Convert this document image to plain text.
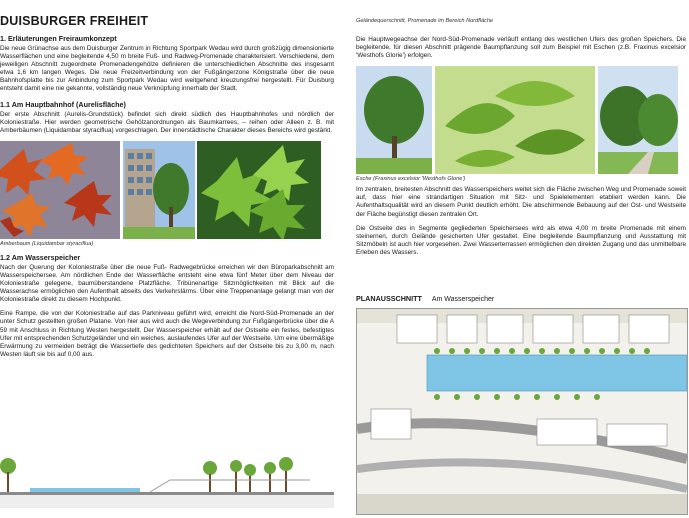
DUISBURGER FREIHEIT
1. Erläuterungen Freiraumkonzept
Die neue Grünachse aus dem Duisburger Zentrum in Richtung Sportpark Wedau wird durch großzügig dimensionierte Wasserflächen und eine begleitende 4,50 m breite Fuß- und Radweg-Promenade charakterisiert. Verschiedene, dem jeweiligen Abschnitt zugeordnete Promenadengehölze definieren die unterschiedlichen Abschnitte des insgesamt etwa 1,6 km langen Weges. Die neue Freizeitverbindung von der Fußgängerzone Königstraße über die neue Bahnhofsplatte bis zur Anbindung zum Sportpark Wedau wird weitgehend kreuzungsfrei hergestellt. Für Duisburg entsteht damit eine nie gekannte, vollständig neue Verknüpfung innerhalb der Stadt.
1.1 Am Hauptbahnhof (Aurelisfläche)
Der erste Abschnitt (Aurelis-Grundstück) befindet sich direkt südlich des Hauptbahnhofes und nördlich der Koloniestraße. Hier werden geometrische Gehölzanordnungen als Baumkarrees, – reihen oder Alleen z. B. mit Amberbäumen (Liquidambar styraciflua) vorgeschlagen. Der innerstädtische Charakter dieses Bereichs wird gestärkt.
Amberbaum (Liquidambar styraciflua)
1.2 Am Wasserspeicher
Nach der Querung der Koloniestraße über die neue Fuß- Radwegebrücke erreichen wir den Büroparkabschnitt am Wasserspeichersee. Am nördlichen Ende der Wasserfläche entsteht eine etwa fünf Meter über dem Niveau der Koloniestraße gelegene, baumüberstandene Platzfläche. Tribünenartige Sitzmöglichkeiten mit Blick auf die Wasserachse ermöglichen den Aufenthalt abseits des Verkehrslärms. Über eine Treppenanlage gelangt man von der Koloniestraße direkt zu diesem Hochpunkt.
Eine Rampe, die von der Koloniestraße auf das Parkniveau geführt wird, erreicht die Nord-Süd-Promenade an der unter Schutz gestellten großen Platane. Von hier aus wird auch die Wegeverbindung zur Fußgängerbrücke über die A 59 mit Anschluss in Richtung Westen hergestellt. Der Wasserspeicher erhält auf der Ostseite ein festes, befestigtes Ufer mit entsprechenden Schutzgeländer und ein weiches, auslaufendes Ufer auf der Westseite. Um eine übermäßige Erwärmung zu vermeiden beträgt die Wassertiefe des gedichteten Speichers auf der Ostseite bis zu 3,00 m, nach Westen läuft sie bis auf 0,00 aus.
Geländequerschnitt, Promenade im Bereich Nordfläche
Die Hauptwegeachse der Nord-Süd-Promenade verläuft entlang des westlichen Ufers des großen Speichers. Die begleitende, für diesen Abschnitt prägende Baumpflanzung soll zum Beispiel mit Eschen (z.B. Fraxinus excelsior 'Westhofs Glorie') erfolgen.
Esche (Fraxinus excelsior 'Westhofs Glorie')
Im zentralen, breitesten Abschnitt des Wasserspeichers weitet sich die Fläche zwischen Weg und Promenade soweit auf, dass hier eine strandartigen Situation mit Sitz- und Spielelementen etabliert werden kann. Die Aufenthaltsqualität wird an diesem Punkt deutlich erhöht. Die abschirmende Bebauung auf der Ost- und Westseite der Fläche begünstigt diesen zentralen Ort.
Die Ostseite des in Segmente gegliederten Speichersees wird als etwa 4,00 m breite Promenade mit einem steinernen, durch Gelände gesicherten Ufer gestaltet. Eine begleitende Baumpflanzung und Ausstattung mit Sitzmöbeln ist auch hier vorgesehen. Zwei Wasserterrassen ermöglichen den direkten Zugang und das unmittelbare Erleben des Wassers.
PLANAUSSCHNITT Am Wasserspeicher
